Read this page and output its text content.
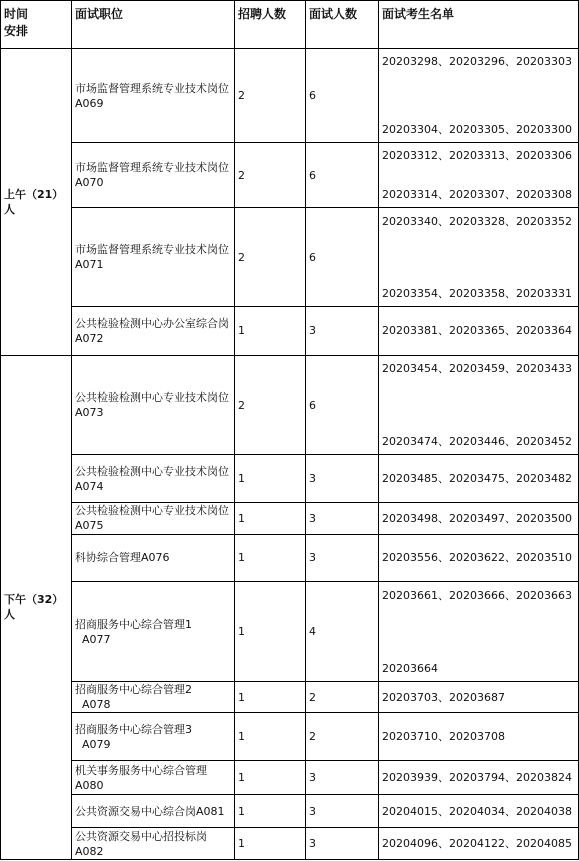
时间
安排	面试职位	招聘人数	面试人数	面试考生名单
上午（21）
人	市场监督管理系统专业技术岗位A069	2	6	20203298、20203296、20203303
20203304、20203305、20203300

	市场监督管理系统专业技术岗位A070	2	6	20203312、20203313、20203306
20203314、20203307、20203308

	市场监督管理系统专业技术岗位A071	2	6	20203340、20203328、20203352
20203354、20203358、20203331

	公共检验检测中心办公室综合岗A072	1	3	20203381、20203365、20203364

下午（32）
人	公共检验检测中心专业技术岗位A073	2	6	20203454、20203459、20203433
20203474、20203446、20203452

	公共检验检测中心专业技术岗位A074	1	3	20203485、20203475、20203482

	公共检验检测中心专业技术岗位A075	1	3	20203498、20203497、20203500

	科协综合管理A076	1	3	20203556、20203622、20203510

	招商服务中心综合管理1
A077	1	4	20203661、20203666、20203663
20203664

	招商服务中心综合管理2
A078	1	2	20203703、20203687

	招商服务中心综合管理3
A079	1	2	20203710、20203708

	机关事务服务中心综合管理A080	1	3	20203939、20203794、20203824

	公共资源交易中心综合岗A081	1	3	20204015、20204034、20204038

	公共资源交易中心招投标岗A082	1	3	20204096、20204122、20204085
